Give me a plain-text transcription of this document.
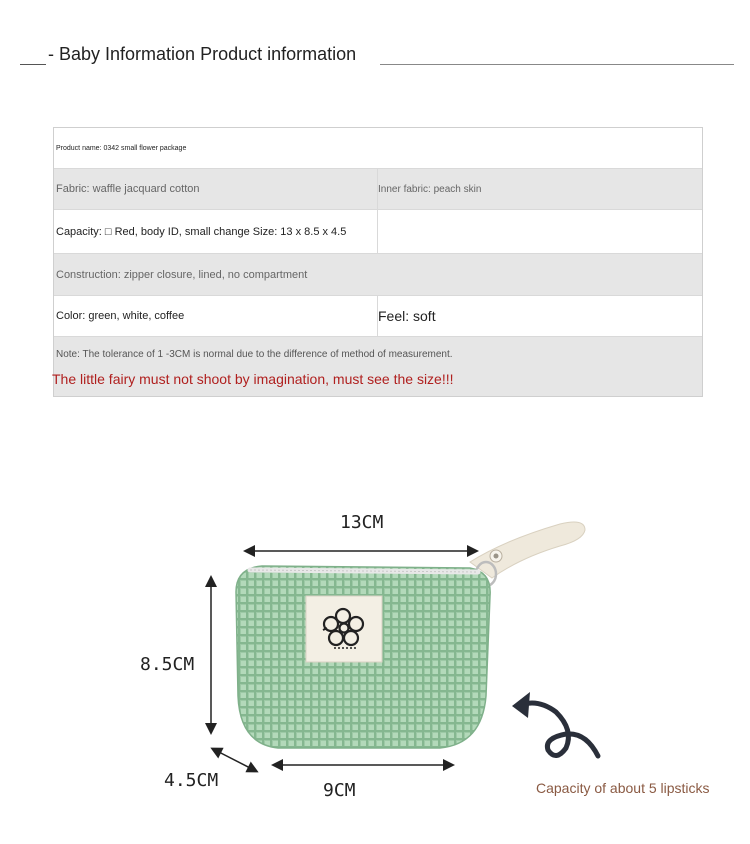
- Baby Information Product information
Product name: 0342 small flower package
Fabric: waffle jacquard cotton	Inner fabric: peach skin
Capacity: □ Red, body ID, small change Size: 13 x 8.5 x 4.5
Construction: zipper closure, lined, no compartment
Color: green, white, coffee	Feel: soft
Note: The tolerance of 1 -3CM is normal due to the difference of method of measurement.
The little fairy must not shoot by imagination, must see the size!!!
13CM
8.5CM
4.5CM	9CM	Capacity of about 5 lipsticks
